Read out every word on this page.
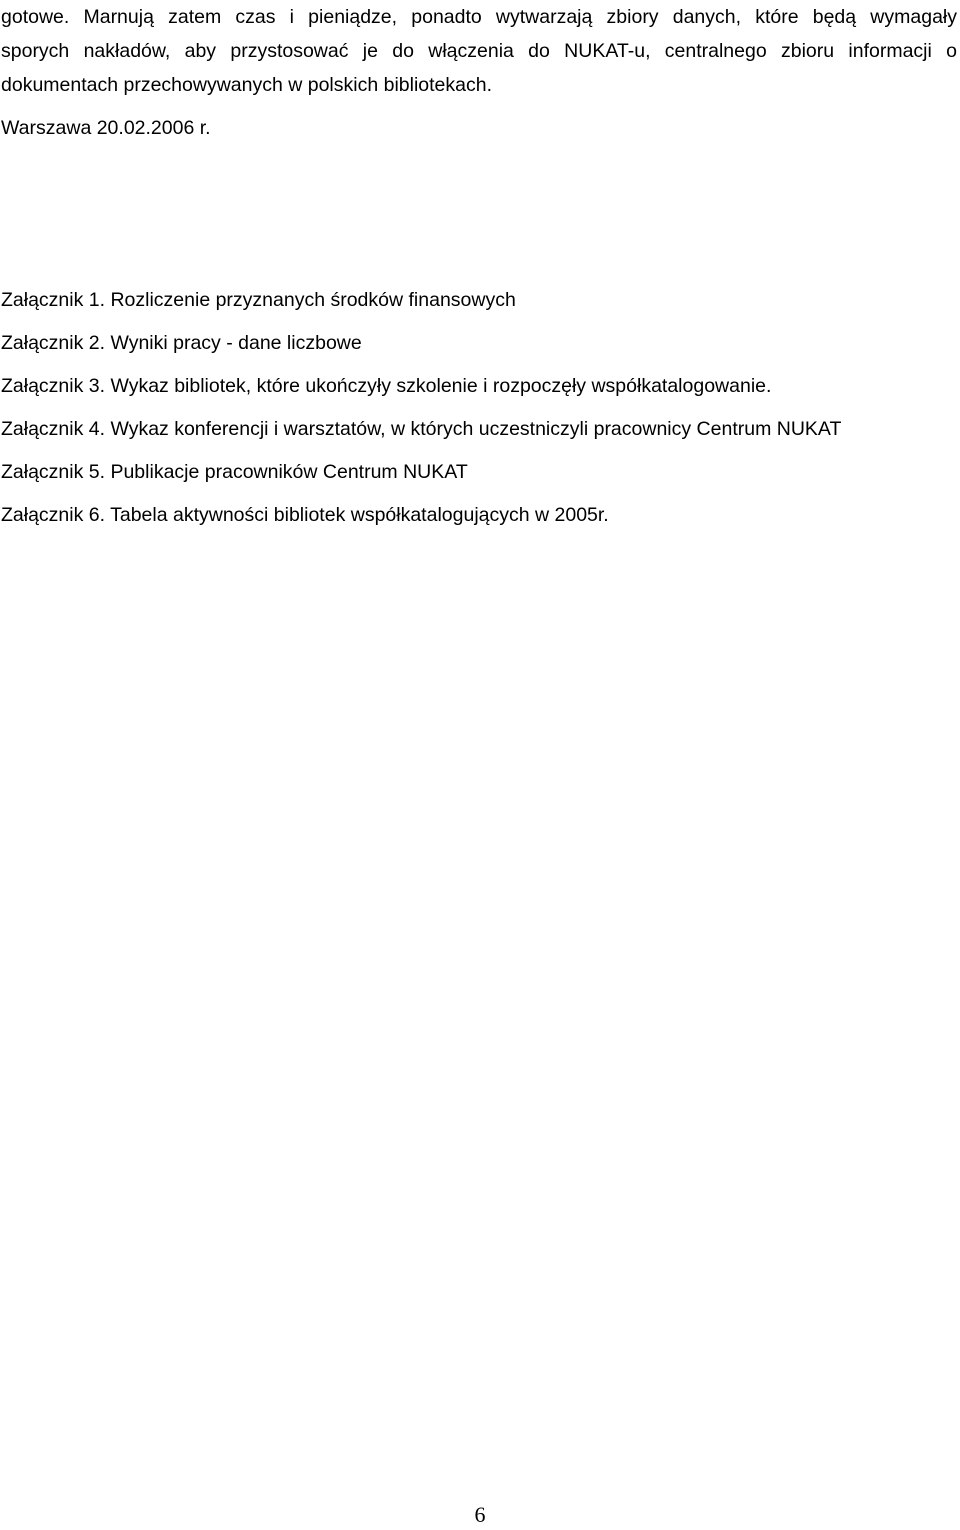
gotowe. Marnują zatem czas i pieniądze, ponadto wytwarzają zbiory danych, które będą wymagały
sporych nakładów, aby przystosować je do włączenia do NUKAT-u, centralnego zbioru informacji o
dokumentach przechowywanych w polskich bibliotekach.

Warszawa 20.02.2006 r.

Załącznik 1. Rozliczenie przyznanych środków finansowych
Załącznik 2. Wyniki pracy - dane liczbowe
Załącznik 3. Wykaz bibliotek, które ukończyły szkolenie i rozpoczęły współkatalogowanie.
Załącznik 4. Wykaz konferencji i warsztatów, w których uczestniczyli pracownicy Centrum NUKAT
Załącznik 5. Publikacje pracowników Centrum NUKAT
Załącznik 6. Tabela aktywności bibliotek współkatalogujących w 2005r.
6
